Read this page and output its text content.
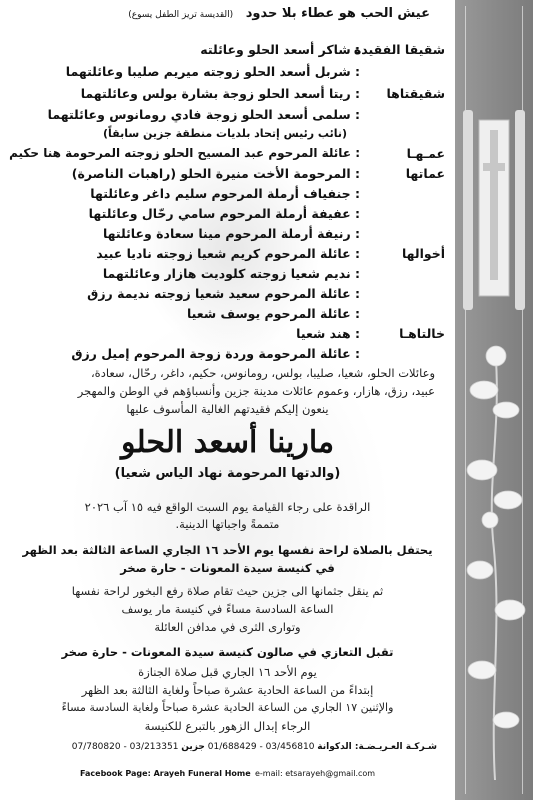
عيش الحب هو عطاء بلا حدود (القديسة تريز الطفل يسوع)
شقيقا الفقيدة
: شاكر أسعد الحلو وعائلته
: شربل أسعد الحلو زوجته ميريم صليبا وعائلتهما
شقيقتاها
: ريتا أسعد الحلو زوجة بشارة بولس وعائلتهما
: سلمى أسعد الحلو زوجة فادي رومانوس وعائلتهما
(نائب رئيس إتحاد بلديات منطقة جزين سابقاً)
عمـهـا
: عائلة المرحوم عبد المسيح الحلو زوجته المرحومة هنا حكيم
عماتها
: المرحومة الأخت منيرة الحلو (راهبات الناصرة)
: جنفياف أرملة المرحوم سليم داغر وعائلتها
: عفيفة أرملة المرحوم سامي رحّال وعائلتها
: رنيفة أرملة المرحوم مينا سعادة وعائلتها
أخوالها
: عائلة المرحوم كريم شعيا زوجته ناديا عبيد
: نديم شعيا زوجته كلوديت هازار وعائلتهما
: عائلة المرحوم سعيد شعيا زوجته نديمة رزق
: عائلة المرحوم يوسف شعيا
خالتاهـا
: هند شعيا
: عائلة المرحومة وردة زوجة المرحوم إميل رزق
وعائلات الحلو، شعيا، صليبا، بولس، رومانوس، حكيم، داغر، رحّال، سعادة،
عبيد، رزق، هازار، وعموم عائلات مدينة جزين وأنسباؤهم في الوطن والمهجر
ينعون إليكم فقيدتهم الغالية المأسوف عليها
مارينا أسعد الحلو
(والدتها المرحومة نهاد الياس شعيا)
الراقدة على رجاء القيامة يوم السبت الواقع فيه ١٥ آب ٢٠٢٦
متممةً واجباتها الدينية.
يحتفل بالصلاة لراحة نفسها يوم الأحد ١٦ الجاري الساعة الثالثة بعد الظهر
في كنيسة سيدة المعونات - حارة صخر
ثم ينقل جثمانها الى جزين حيث تقام صلاة رفع البخور لراحة نفسها
الساعة السادسة مساءً في كنيسة مار يوسف
وتوارى الثرى في مدافن العائلة
تقبل التعازي في صالون كنيسة سيدة المعونات - حارة صخر
يوم الأحد ١٦ الجاري قبل صلاة الجنازة
إبتداءً من الساعة الحادية عشرة صباحاً ولغاية الثالثة بعد الظهر
والإثنين ١٧ الجاري من الساعة الحادية عشرة صباحاً ولغاية السادسة مساءً
الرجاء إبدال الزهور بالتبرع للكنيسة
شـركـة العـريـضـة: الدكوانة 03/456810 - 01/688429 جزين 03/213351 - 07/780820
Facebook Page: Arayeh Funeral Home e-mail: etsarayeh@gmail.com
